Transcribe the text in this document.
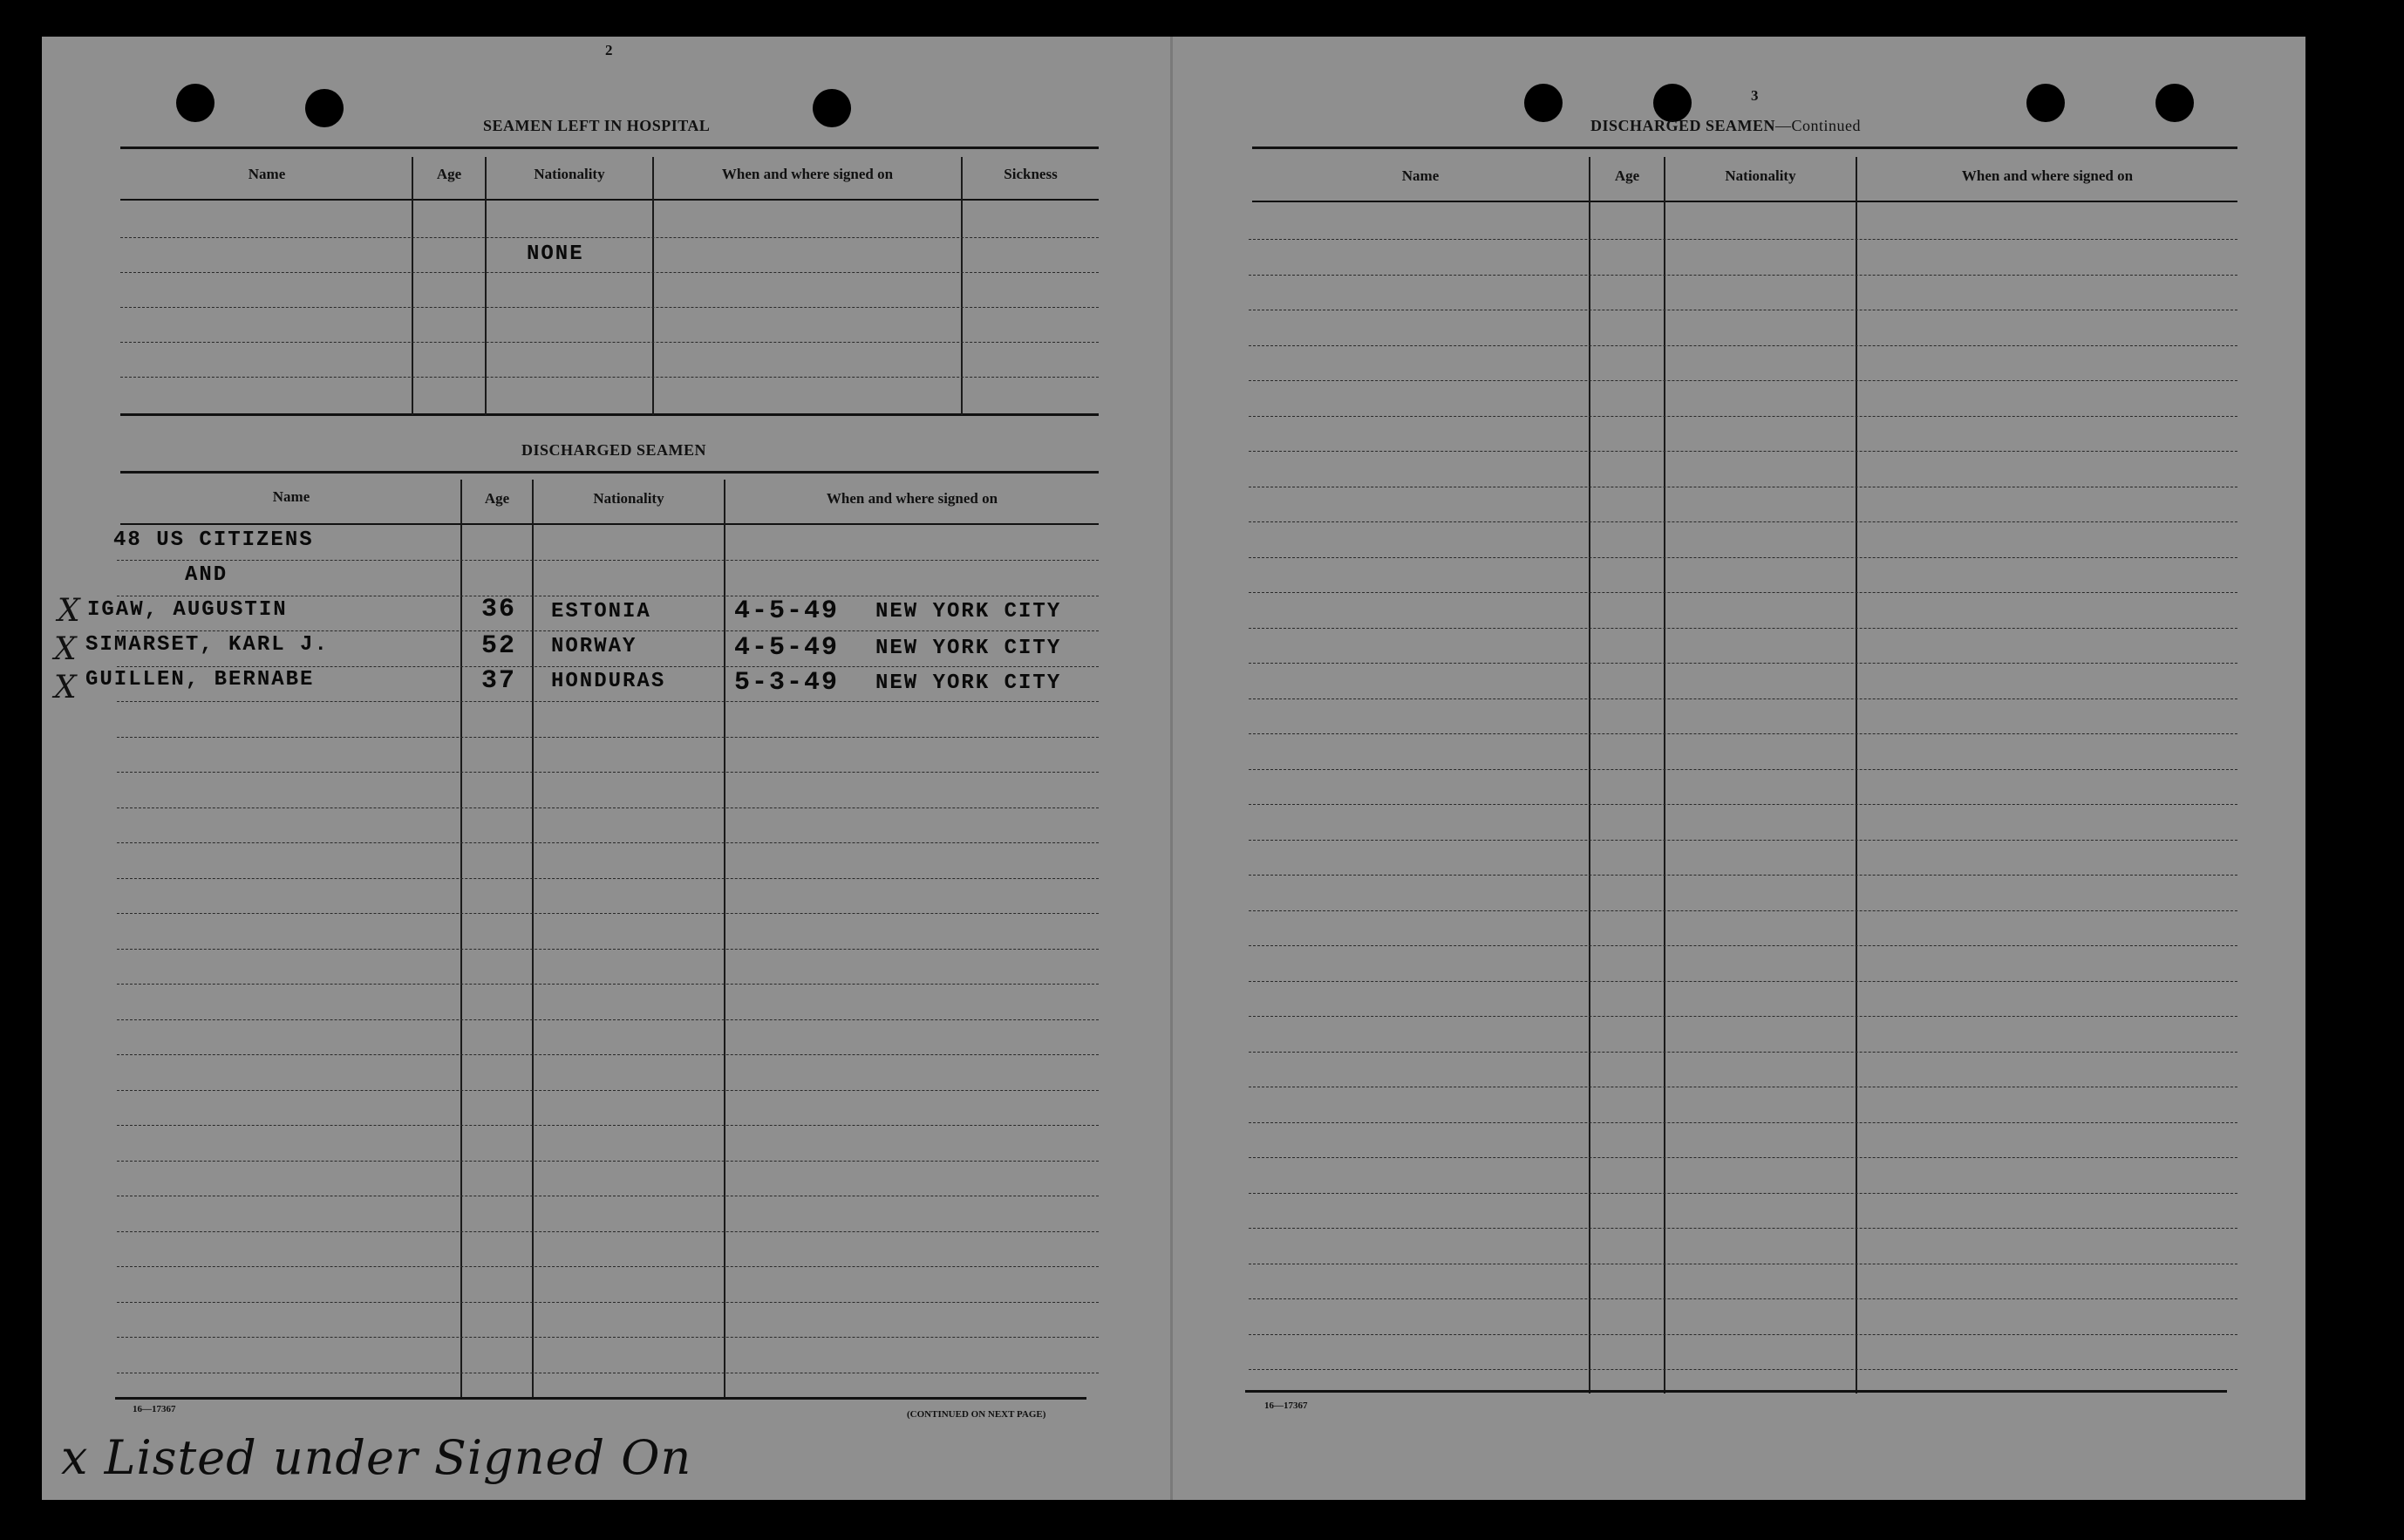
2
SEAMEN LEFT IN HOSPITAL
Name	Age	Nationality	When and where signed on	Sickness
NONE
DISCHARGED SEAMEN
Name	Age	Nationality	When and where signed on
48 US CITIZENS
AND
X IGAW, AUGUSTIN	36 ESTONIA	4-5-49 NEW YORK CITY
X SIMARSET, KARL J.	52 NORWAY	4-5-49 NEW YORK CITY
X GUILLEN, BERNABE	37 HONDURAS	5-3-49 NEW YORK CITY
16—17367	(CONTINUED ON NEXT PAGE)
x Listed under Signed On
3
DISCHARGED SEAMEN—Continued
Name	Age	Nationality	When and where signed on
16—17367
